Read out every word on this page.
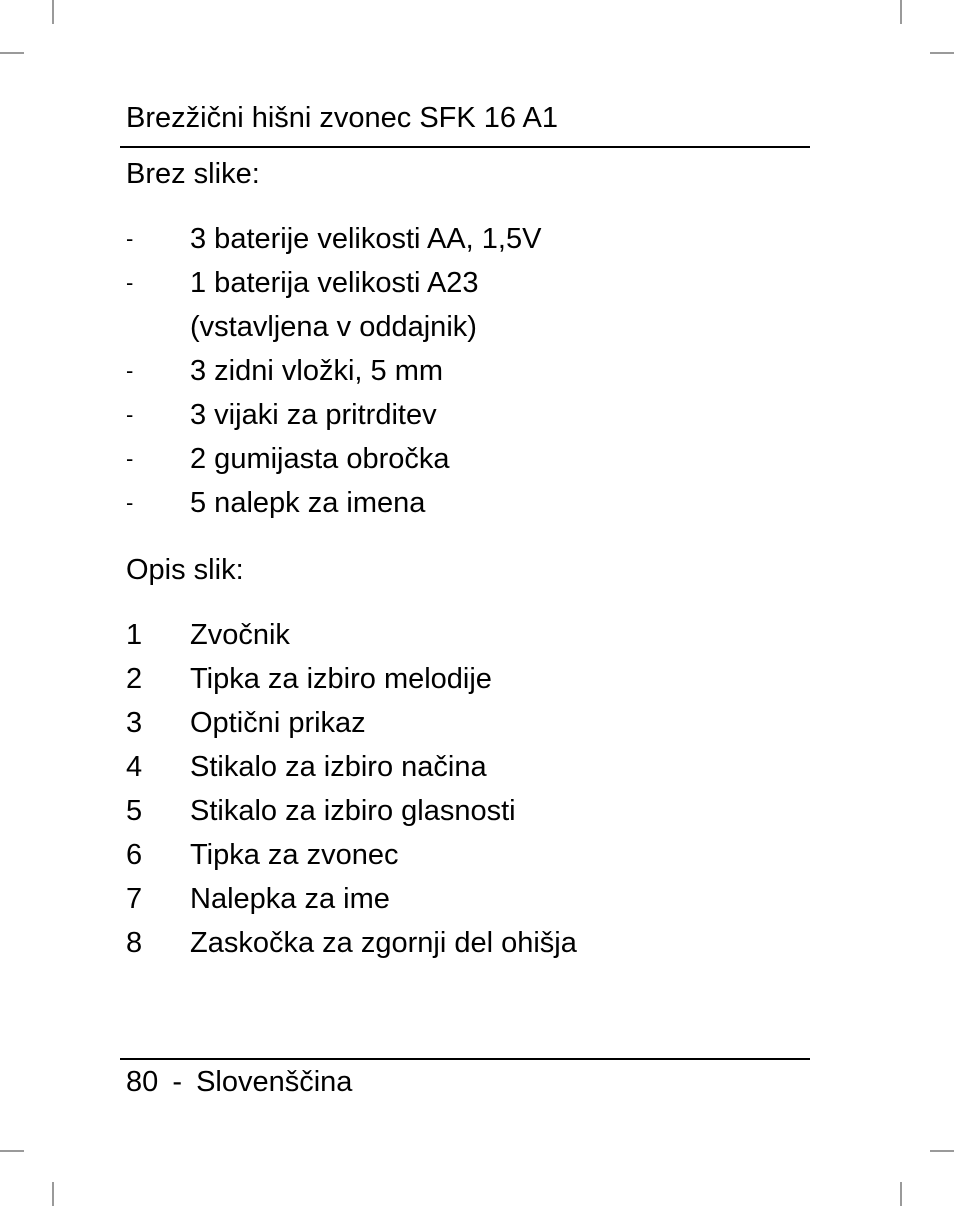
Brezžični hišni zvonec SFK 16 A1
Brez slike:
- 3 baterije velikosti AA, 1,5V
- 1 baterija velikosti A23
(vstavljena v oddajnik)
- 3 zidni vložki, 5 mm
- 3 vijaki za pritrditev
- 2 gumijasta obročka
- 5 nalepk za imena
Opis slik:
1 Zvočnik
2 Tipka za izbiro melodije
3 Optični prikaz
4 Stikalo za izbiro načina
5 Stikalo za izbiro glasnosti
6 Tipka za zvonec
7 Nalepka za ime
8 Zaskočka za zgornji del ohišja
80 - Slovenščina
